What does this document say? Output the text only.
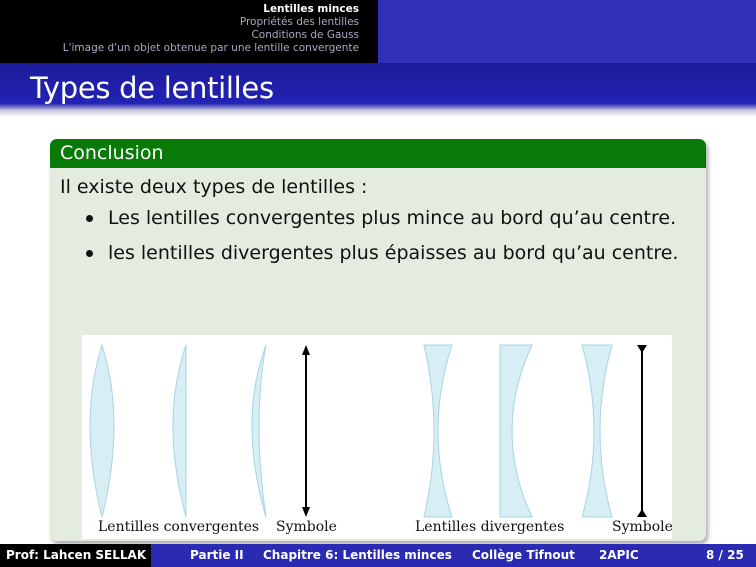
Lentilles minces
Propriétés des lentilles
Conditions de Gauss
L'image d'un objet obtenue par une lentille convergente
Types de lentilles
Conclusion
Il existe deux types de lentilles :
Les lentilles convergentes plus mince au bord qu’au centre.
les lentilles divergentes plus épaisses au bord qu’au centre.
Lentilles convergentes Symbole	Lentilles divergentes	Symbole
Prof: Lahcen SELLAK	Partie II Chapitre 6: Lentilles minces Collège Tifnout 2APIC	8 / 25
